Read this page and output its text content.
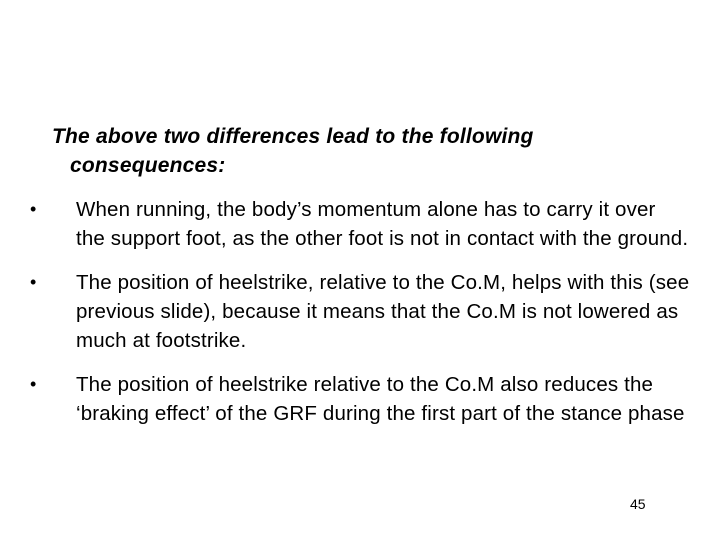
The above two differences lead to the following consequences:
•	When running, the body’s momentum alone has to carry it over the support foot, as the other foot is not in contact with the ground.
•	The position of heelstrike, relative to the Co.M, helps with this (see previous slide), because it means that the Co.M is not lowered as much at footstrike.
•	The position of heelstrike relative to the Co.M also reduces the ‘braking effect’ of the GRF during the first part of the stance phase
45
